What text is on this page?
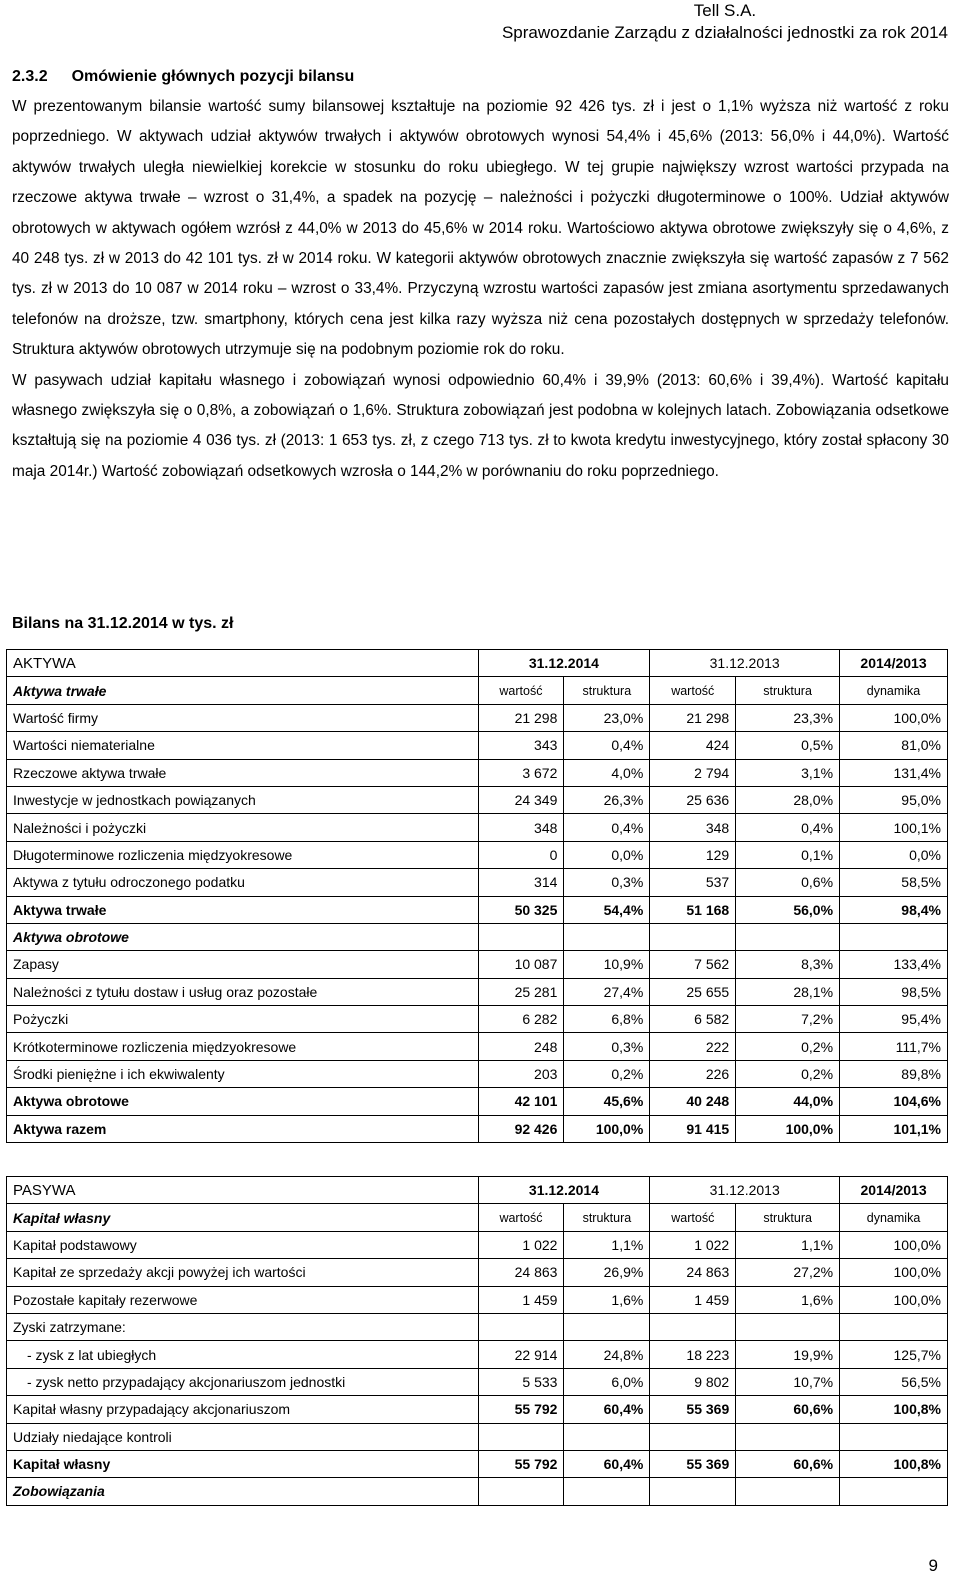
Tell S.A.
Sprawozdanie Zarządu z działalności jednostki za rok 2014
2.3.2 Omówienie głównych pozycji bilansu

W prezentowanym bilansie wartość sumy bilansowej kształtuje na poziomie 92 426 tys. zł i jest o 1,1% wyższa niż wartość z roku poprzedniego. W aktywach udział aktywów trwałych i aktywów obrotowych wynosi 54,4% i 45,6% (2013: 56,0% i 44,0%). Wartość aktywów trwałych uległa niewielkiej korekcie w stosunku do roku ubiegłego. W tej grupie największy wzrost wartości przypada na rzeczowe aktywa trwałe – wzrost o 31,4%, a spadek na pozycję – należności i pożyczki długoterminowe o 100%. Udział aktywów obrotowych w aktywach ogółem wzrósł z 44,0% w 2013 do 45,6% w 2014 roku. Wartościowo aktywa obrotowe zwiększyły się o 4,6%, z 40 248 tys. zł w 2013 do 42 101 tys. zł w 2014 roku. W kategorii aktywów obrotowych znacznie zwiększyła się wartość zapasów z 7 562 tys. zł w 2013 do 10 087 w 2014 roku – wzrost o 33,4%. Przyczyną wzrostu wartości zapasów jest zmiana asortymentu sprzedawanych telefonów na droższe, tzw. smartphony, których cena jest kilka razy wyższa niż cena pozostałych dostępnych w sprzedaży telefonów. Struktura aktywów obrotowych utrzymuje się na podobnym poziomie rok do roku.

W pasywach udział kapitału własnego i zobowiązań wynosi odpowiednio 60,4% i 39,9% (2013: 60,6% i 39,4%). Wartość kapitału własnego zwiększyła się o 0,8%, a zobowiązań o 1,6%. Struktura zobowiązań jest podobna w kolejnych latach. Zobowiązania odsetkowe kształtują się na poziomie 4 036 tys. zł (2013: 1 653 tys. zł, z czego 713 tys. zł to kwota kredytu inwestycyjnego, który został spłacony 30 maja 2014r.) Wartość zobowiązań odsetkowych wzrosła o 144,2% w porównaniu do roku poprzedniego.

Bilans na 31.12.2014 w tys. zł
AKTYWA	31.12.2014		31.12.2013		2014/2013
Aktywa trwałe	wartość	struktura	wartość	struktura	dynamika
Wartość firmy	21 298	23,0%	21 298	23,3%	100,0%
Wartości niematerialne	343	0,4%	424	0,5%	81,0%
Rzeczowe aktywa trwałe	3 672	4,0%	2 794	3,1%	131,4%
Inwestycje w jednostkach powiązanych	24 349	26,3%	25 636	28,0%	95,0%
Należności i pożyczki	348	0,4%	348	0,4%	100,1%
Długoterminowe rozliczenia międzyokresowe	0	0,0%	129	0,1%	0,0%
Aktywa z tytułu odroczonego podatku	314	0,3%	537	0,6%	58,5%
Aktywa trwałe	50 325	54,4%	51 168	56,0%	98,4%
Aktywa obrotowe					
Zapasy	10 087	10,9%	7 562	8,3%	133,4%
Należności z tytułu dostaw i usług oraz pozostałe	25 281	27,4%	25 655	28,1%	98,5%
Pożyczki	6 282	6,8%	6 582	7,2%	95,4%
Krótkoterminowe rozliczenia międzyokresowe	248	0,3%	222	0,2%	111,7%
Środki pieniężne i ich ekwiwalenty	203	0,2%	226	0,2%	89,8%
Aktywa obrotowe	42 101	45,6%	40 248	44,0%	104,6%
Aktywa razem	92 426	100,0%	91 415	100,0%	101,1%
PASYWA	31.12.2014		31.12.2013		2014/2013
Kapitał własny	wartość	struktura	wartość	struktura	dynamika
Kapitał podstawowy	1 022	1,1%	1 022	1,1%	100,0%
Kapitał ze sprzedaży akcji powyżej ich wartości	24 863	26,9%	24 863	27,2%	100,0%
Pozostałe kapitały rezerwowe	1 459	1,6%	1 459	1,6%	100,0%
Zyski zatrzymane:					
- zysk z lat ubiegłych	22 914	24,8%	18 223	19,9%	125,7%
- zysk netto przypadający akcjonariuszom jednostki	5 533	6,0%	9 802	10,7%	56,5%
Kapitał własny przypadający akcjonariuszom	55 792	60,4%	55 369	60,6%	100,8%
Udziały niedające kontroli					
Kapitał własny	55 792	60,4%	55 369	60,6%	100,8%
Zobowiązania					
9
